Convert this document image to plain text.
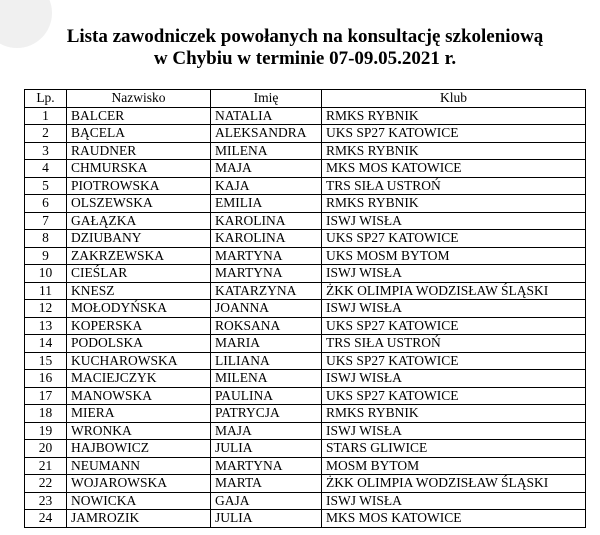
Lista zawodniczek powołanych na konsultację szkoleniową
w Chybiu w terminie 07-09.05.2021 r.
Lp.	Nazwisko	Imię	Klub
1	BALCER	NATALIA	RMKS RYBNIK
2	BĄCELA	ALEKSANDRA	UKS SP27 KATOWICE
3	RAUDNER	MILENA	RMKS RYBNIK
4	CHMURSKA	MAJA	MKS MOS KATOWICE
5	PIOTROWSKA	KAJA	TRS SIŁA USTROŃ
6	OLSZEWSKA	EMILIA	RMKS RYBNIK
7	GAŁĄZKA	KAROLINA	ISWJ WISŁA
8	DZIUBANY	KAROLINA	UKS SP27 KATOWICE
9	ZAKRZEWSKA	MARTYNA	UKS MOSM BYTOM
10	CIEŚLAR	MARTYNA	ISWJ WISŁA
11	KNESZ	KATARZYNA	ŻKK OLIMPIA WODZISŁAW ŚLĄSKI
12	MOŁODYŃSKA	JOANNA	ISWJ WISŁA
13	KOPERSKA	ROKSANA	UKS SP27 KATOWICE
14	PODOLSKA	MARIA	TRS SIŁA USTROŃ
15	KUCHAROWSKA	LILIANA	UKS SP27 KATOWICE
16	MACIEJCZYK	MILENA	ISWJ WISŁA
17	MANOWSKA	PAULINA	UKS SP27 KATOWICE
18	MIERA	PATRYCJA	RMKS RYBNIK
19	WRONKA	MAJA	ISWJ WISŁA
20	HAJBOWICZ	JULIA	STARS GLIWICE
21	NEUMANN	MARTYNA	MOSM BYTOM
22	WOJAROWSKA	MARTA	ŻKK OLIMPIA WODZISŁAW ŚLĄSKI
23	NOWICKA	GAJA	ISWJ WISŁA
24	JAMROZIK	JULIA	MKS MOS KATOWICE
